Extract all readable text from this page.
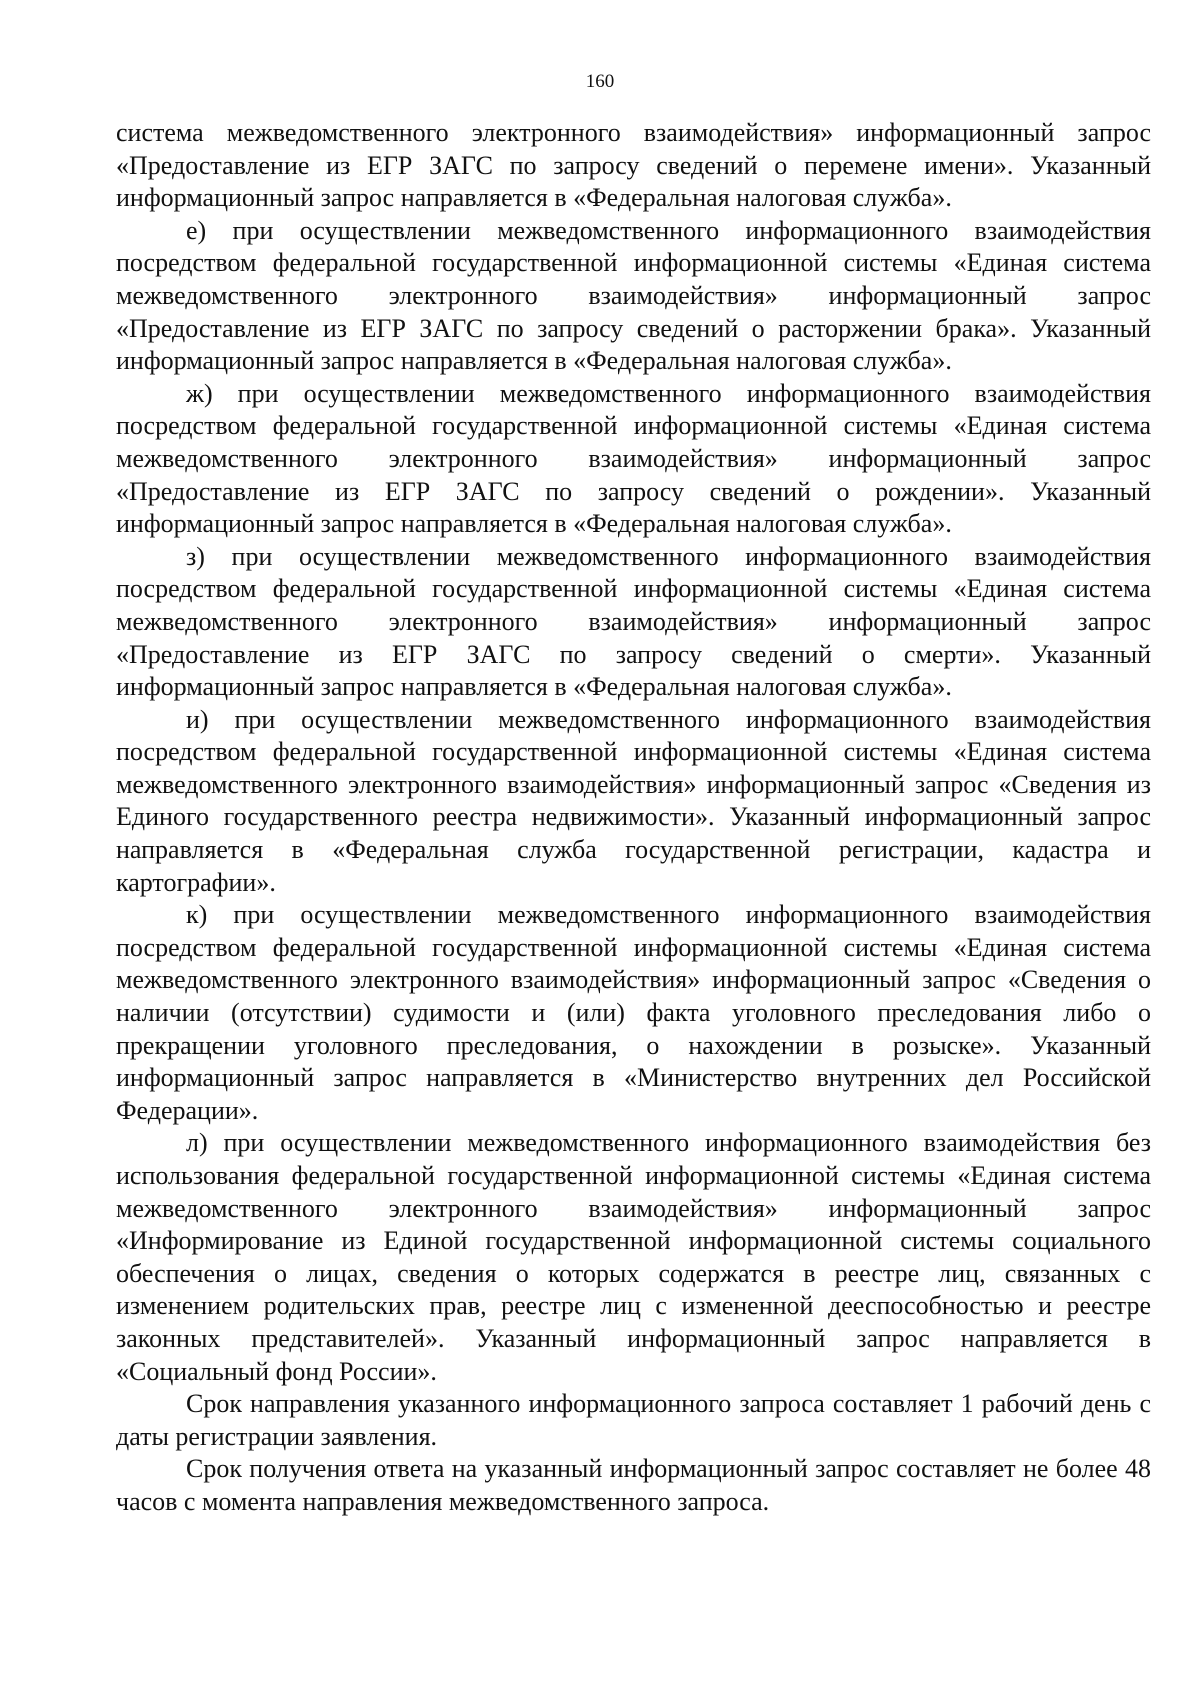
160

система межведомственного электронного взаимодействия» информационный запрос «Предоставление из ЕГР ЗАГС по запросу сведений о перемене имени». Указанный информационный запрос направляется в «Федеральная налоговая служба».

е) при осуществлении межведомственного информационного взаимодействия посредством федеральной государственной информационной системы «Единая система межведомственного электронного взаимодействия» информационный запрос «Предоставление из ЕГР ЗАГС по запросу сведений о расторжении брака». Указанный информационный запрос направляется в «Федеральная налоговая служба».

ж) при осуществлении межведомственного информационного взаимодействия посредством федеральной государственной информационной системы «Единая система межведомственного электронного взаимодействия» информационный запрос «Предоставление из ЕГР ЗАГС по запросу сведений о рождении». Указанный информационный запрос направляется в «Федеральная налоговая служба».

з) при осуществлении межведомственного информационного взаимодействия посредством федеральной государственной информационной системы «Единая система межведомственного электронного взаимодействия» информационный запрос «Предоставление из ЕГР ЗАГС по запросу сведений о смерти». Указанный информационный запрос направляется в «Федеральная налоговая служба».

и) при осуществлении межведомственного информационного взаимодействия посредством федеральной государственной информационной системы «Единая система межведомственного электронного взаимодействия» информационный запрос «Сведения из Единого государственного реестра недвижимости». Указанный информационный запрос направляется в «Федеральная служба государственной регистрации, кадастра и картографии».

к) при осуществлении межведомственного информационного взаимодействия посредством федеральной государственной информационной системы «Единая система межведомственного электронного взаимодействия» информационный запрос «Сведения о наличии (отсутствии) судимости и (или) факта уголовного преследования либо о прекращении уголовного преследования, о нахождении в розыске». Указанный информационный запрос направляется в «Министерство внутренних дел Российской Федерации».

л) при осуществлении межведомственного информационного взаимодействия без использования федеральной государственной информационной системы «Единая система межведомственного электронного взаимодействия» информационный запрос «Информирование из Единой государственной информационной системы социального обеспечения о лицах, сведения о которых содержатся в реестре лиц, связанных с изменением родительских прав, реестре лиц с измененной дееспособностью и реестре законных представителей». Указанный информационный запрос направляется в «Социальный фонд России».

Срок направления указанного информационного запроса составляет 1 рабочий день с даты регистрации заявления.

Срок получения ответа на указанный информационный запрос составляет не более 48 часов с момента направления межведомственного запроса.
